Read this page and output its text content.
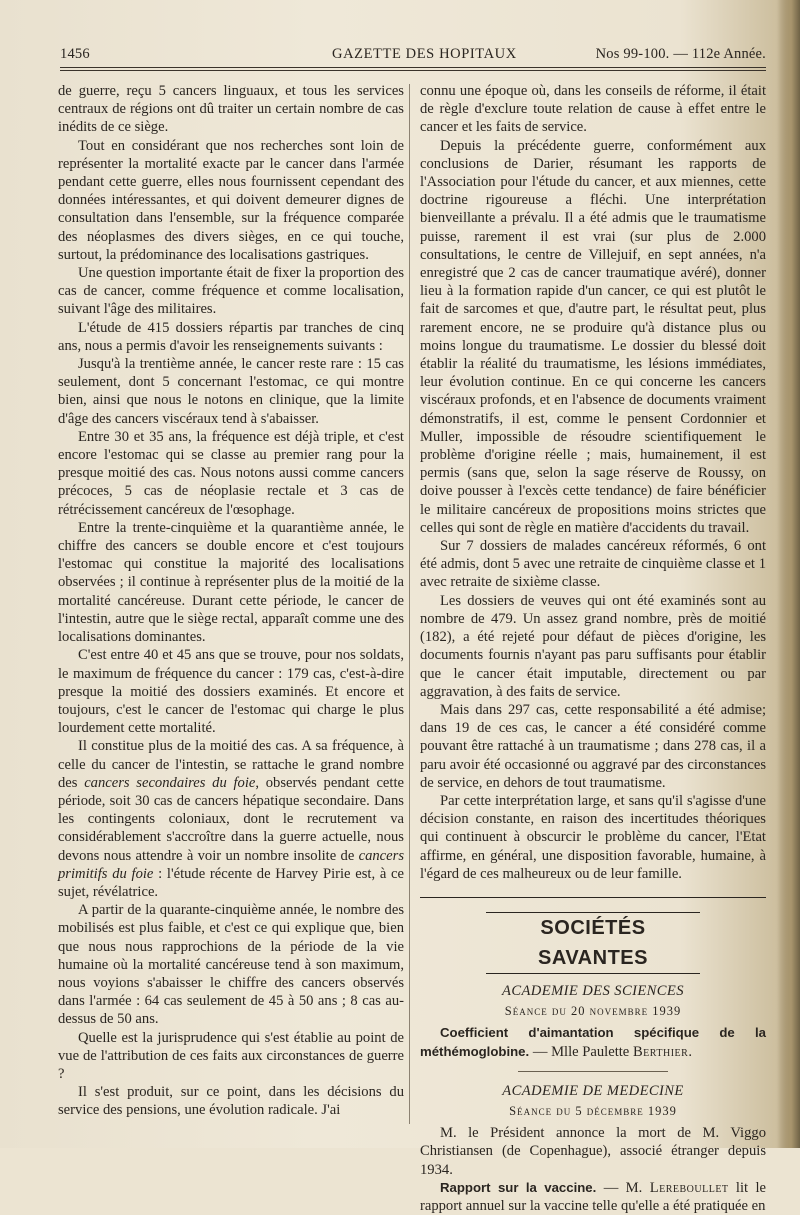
1456	GAZETTE DES HOPITAUX	Nos 99-100. — 112e Année.

de guerre, reçu 5 cancers linguaux, et tous les services centraux de régions ont dû traiter un certain nombre de cas inédits de ce siège.

Tout en considérant que nos recherches sont loin de représenter la mortalité exacte par le cancer dans l'armée pendant cette guerre, elles nous fournissent cependant des données intéressantes, et qui doivent demeurer dignes de consultation dans l'ensemble, sur la fréquence comparée des néoplasmes des divers sièges, en ce qui touche, surtout, la prédominance des localisations gastriques.

Une question importante était de fixer la proportion des cas de cancer, comme fréquence et comme localisation, suivant l'âge des militaires.

L'étude de 415 dossiers répartis par tranches de cinq ans, nous a permis d'avoir les renseignements suivants :

Jusqu'à la trentième année, le cancer reste rare : 15 cas seulement, dont 5 concernant l'estomac, ce qui montre bien, ainsi que nous le notons en clinique, que la limite d'âge des cancers viscéraux tend à s'abaisser.

Entre 30 et 35 ans, la fréquence est déjà triple, et c'est encore l'estomac qui se classe au premier rang pour la presque moitié des cas. Nous notons aussi comme cancers précoces, 5 cas de néoplasie rectale et 3 cas de rétrécissement cancéreux de l'œsophage.

Entre la trente-cinquième et la quarantième année, le chiffre des cancers se double encore et c'est toujours l'estomac qui constitue la majorité des localisations observées ; il continue à représenter plus de la moitié de la mortalité cancéreuse. Durant cette période, le cancer de l'intestin, autre que le siège rectal, apparaît comme une des localisations dominantes.

C'est entre 40 et 45 ans que se trouve, pour nos soldats, le maximum de fréquence du cancer : 179 cas, c'est-à-dire presque la moitié des dossiers examinés. Et encore et toujours, c'est le cancer de l'estomac qui charge le plus lourdement cette mortalité.

Il constitue plus de la moitié des cas. A sa fréquence, à celle du cancer de l'intestin, se rattache le grand nombre des cancers secondaires du foie, observés pendant cette période, soit 30 cas de cancers hépatique secondaire. Dans les contingents coloniaux, dont le recrutement va considérablement s'accroître dans la guerre actuelle, nous devons nous attendre à voir un nombre insolite de cancers primitifs du foie : l'étude récente de Harvey Pirie est, à ce sujet, révélatrice.

A partir de la quarante-cinquième année, le nombre des mobilisés est plus faible, et c'est ce qui explique que, bien que nous nous rapprochions de la période de la vie humaine où la mortalité cancéreuse tend à son maximum, nous voyions s'abaisser le chiffre des cancers observés dans l'armée : 64 cas seulement de 45 à 50 ans ; 8 cas au-dessus de 50 ans.

Quelle est la jurisprudence qui s'est établie au point de vue de l'attribution de ces faits aux circonstances de guerre ?

Il s'est produit, sur ce point, dans les décisions du service des pensions, une évolution radicale. J'ai

connu une époque où, dans les conseils de réforme, il était de règle d'exclure toute relation de cause à effet entre le cancer et les faits de service.

Depuis la précédente guerre, conformément aux conclusions de Darier, résumant les rapports de l'Association pour l'étude du cancer, et aux miennes, cette doctrine rigoureuse a fléchi. Une interprétation bienveillante a prévalu. Il a été admis que le traumatisme puisse, rarement il est vrai (sur plus de 2.000 consultations, le centre de Villejuif, en sept années, n'a enregistré que 2 cas de cancer traumatique avéré), donner lieu à la formation rapide d'un cancer, ce qui est plutôt le fait de sarcomes et que, d'autre part, le résultat peut, plus rarement encore, ne se produire qu'à distance plus ou moins longue du traumatisme. Le dossier du blessé doit établir la réalité du traumatisme, les lésions immédiates, leur évolution continue. En ce qui concerne les cancers viscéraux profonds, et en l'absence de documents vraiment démonstratifs, il est, comme le pensent Cordonnier et Muller, impossible de résoudre scientifiquement le problème d'origine réelle ; mais, humainement, il est permis (sans que, selon la sage réserve de Roussy, on doive pousser à l'excès cette tendance) de faire bénéficier le militaire cancéreux de propositions moins strictes que celles qui sont de règle en matière d'accidents du travail.

Sur 7 dossiers de malades cancéreux réformés, 6 ont été admis, dont 5 avec une retraite de cinquième classe et 1 avec retraite de sixième classe.

Les dossiers de veuves qui ont été examinés sont au nombre de 479. Un assez grand nombre, près de moitié (182), a été rejeté pour défaut de pièces d'origine, les documents fournis n'ayant pas paru suffisants pour établir que le cancer était imputable, directement ou par aggravation, à des faits de service.

Mais dans 297 cas, cette responsabilité a été admise; dans 19 de ces cas, le cancer a été considéré comme pouvant être rattaché à un traumatisme ; dans 278 cas, il a paru avoir été occasionné ou aggravé par des circonstances de service, en dehors de tout traumatisme.

Par cette interprétation large, et sans qu'il s'agisse d'une décision constante, en raison des incertitudes théoriques qui continuent à obscurcir le problème du cancer, l'Etat affirme, en général, une disposition favorable, humaine, à l'égard de ces malheureux ou de leur famille.

SOCIÉTÉS SAVANTES
ACADEMIE DES SCIENCES
Séance du 20 novembre 1939

Coefficient d'aimantation spécifique de la méthémoglobine. — Mlle Paulette Berthier.

ACADEMIE DE MEDECINE
Séance du 5 décembre 1939

M. le Président annonce la mort de M. Viggo Christiansen (de Copenhague), associé étranger depuis 1934.

Rapport sur la vaccine. — M. Lereboullet lit le rapport annuel sur la vaccine telle qu'elle a été pratiquée en
